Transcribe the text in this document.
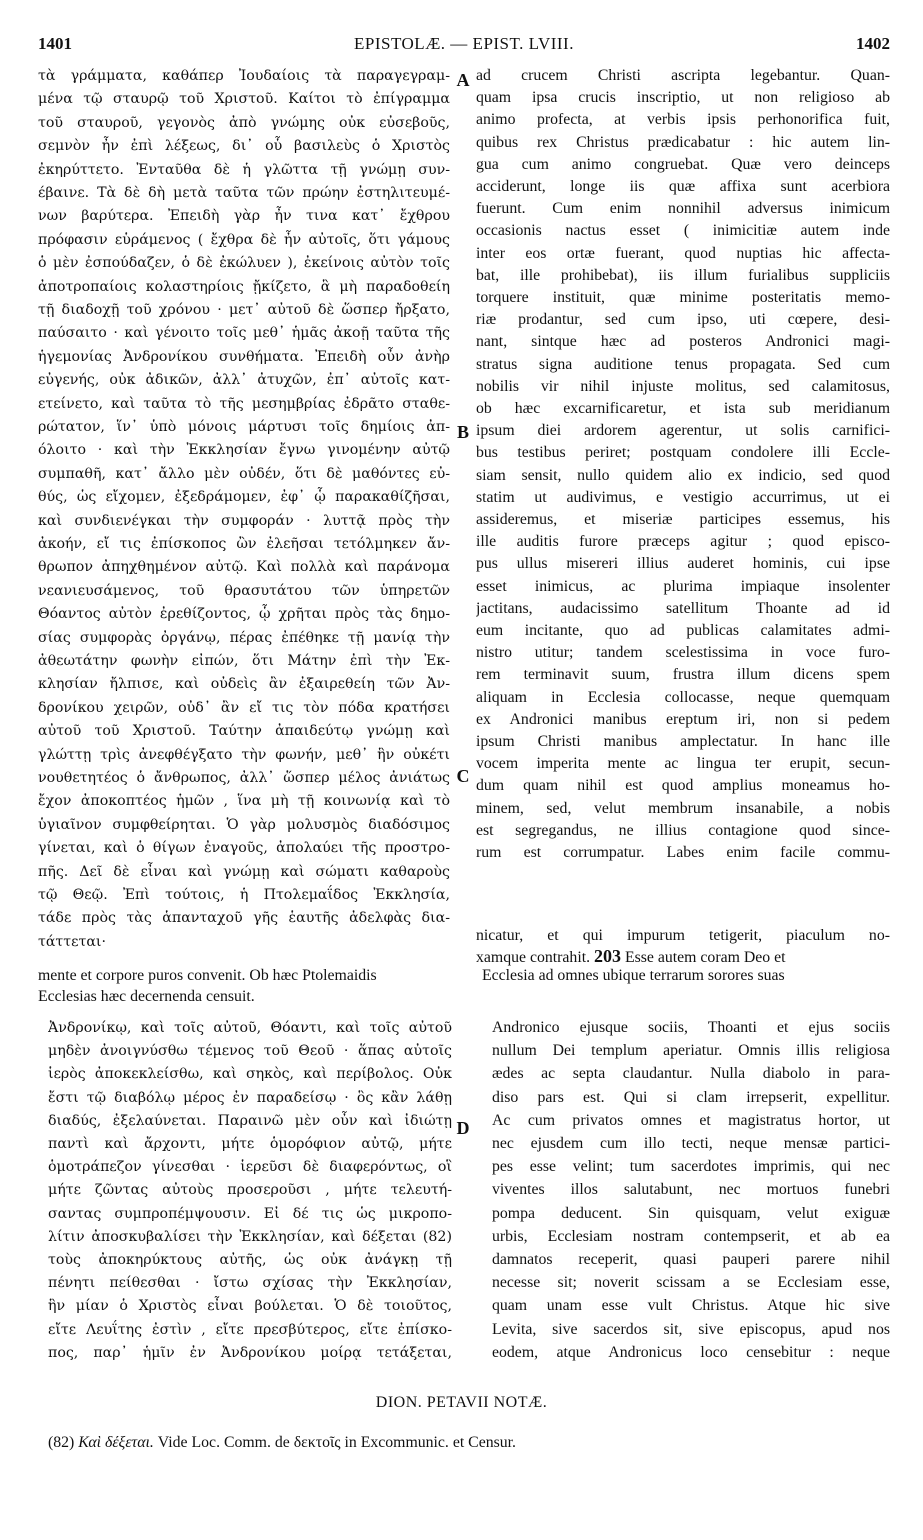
1401	EPISTOLÆ. — EPIST. LVIII.	1402
τὰ γράμματα, καθάπερ Ἰουδαίοις τὰ παραγεγραμ-
μένα τῷ σταυρῷ τοῦ Χριστοῦ. Καίτοι τὸ ἐπίγραμμα
τοῦ σταυροῦ, γεγονὸς ἀπὸ γνώμης οὐκ εὐσεβοῦς,
σεμνὸν ἦν ἐπὶ λέξεως, δι᾽ οὗ βασιλεὺς ὁ Χριστὸς
ἐκηρύττετο. Ἐνταῦθα δὲ ἡ γλῶττα τῇ γνώμῃ συν-
έβαινε. Τὰ δὲ δὴ μετὰ ταῦτα τῶν πρώην ἐστηλιτευμέ-
νων βαρύτερα. Ἐπειδὴ γὰρ ἦν τινα κατ᾽ ἔχθρου
πρόφασιν εὑράμενος ( ἔχθρα δὲ ἦν αὐτοῖς, ὅτι γάμους
ὁ μὲν ἐσπούδαζεν, ὁ δὲ ἐκώλυεν ), ἐκείνοις αὐτὸν τοῖς
ἀποτροπαίοις κολαστηρίοις ᾔκίζετο, ἃ μὴ παραδοθείη
τῇ διαδοχῇ τοῦ χρόνου · μετ᾽ αὐτοῦ δὲ ὥσπερ ἤρξατο,
παύσαιτο · καὶ γένοιτο τοῖς μεθ᾽ ἡμᾶς ἀκοῇ ταῦτα τῆς
ἡγεμονίας Ἀνδρονίκου συνθήματα. Ἐπειδὴ οὖν ἀνὴρ
εὐγενής, οὐκ ἀδικῶν, ἀλλ᾽ ἀτυχῶν, ἐπ᾽ αὐτοῖς κατ-
ετείνετο, καὶ ταῦτα τὸ τῆς μεσημβρίας ἐδρᾶτο σταθε-
ρώτατον, ἵν᾽ ὑπὸ μόνοις μάρτυσι τοῖς δημίοις ἀπ-
όλοιτο · καὶ τὴν Ἐκκλησίαν ἔγνω γινομένην αὐτῷ
συμπαθῆ, κατ᾽ ἄλλο μὲν οὐδέν, ὅτι δὲ μαθόντες εὐ-
θύς, ὡς εἴχομεν, ἐξεδράμομεν, ἐφ᾽ ᾧ παρακαθίζῆσαι,
καὶ συνδιενέγκαι τὴν συμφοράν · λυττᾷ πρὸς τὴν
ἀκοήν, εἴ τις ἐπίσκοπος ὢν ἐλεῆσαι τετόλμηκεν ἄν-
θρωπον ἀπηχθημένον αὐτῷ. Καὶ πολλὰ καὶ παράνομα
νεανιευσάμενος, τοῦ θρασυτάτου τῶν ὑπηρετῶν
Θόαντος αὐτὸν ἐρεθίζοντος, ᾧ χρῆται πρὸς τὰς δημο-
σίας συμφορὰς ὀργάνῳ, πέρας ἐπέθηκε τῇ μανίᾳ τὴν
ἀθεωτάτην φωνὴν εἰπών, ὅτι Μάτην ἐπὶ τὴν Ἐκ-
κλησίαν ἤλπισε, καὶ οὐδεὶς ἂν ἐξαιρεθείη τῶν Ἀν-
δρονίκου χειρῶν, οὐδ᾽ ἂν εἴ τις τὸν πόδα κρατήσει
αὐτοῦ τοῦ Χριστοῦ. Ταύτην ἀπαιδεύτῳ γνώμῃ καὶ
γλώττῃ τρὶς ἀνεφθέγξατο τὴν φωνήν, μεθ᾽ ἣν οὐκέτι
νουθετητέος ὁ ἄνθρωπος, ἀλλ᾽ ὥσπερ μέλος ἀνιάτως
ἔχον ἀποκοπτέος ἡμῶν , ἵνα μὴ τῇ κοινωνίᾳ καὶ τὸ
ὑγιαῖνον συμφθείρηται. Ὁ γὰρ μολυσμὸς διαδόσιμος
γίνεται, καὶ ὁ θίγων ἐναγοῦς, ἀπολαύει τῆς προστρο-
πῆς. Δεῖ δὲ εἶναι καὶ γνώμῃ καὶ σώματι καθαροὺς
τῷ Θεῷ. Ἐπὶ τούτοις, ἡ Πτολεμαΐδος Ἐκκλησία,
τάδε πρὸς τὰς ἁπανταχοῦ γῆς ἑαυτῆς ἀδελφὰς δια-
τάττεται·
ad crucem Christi ascripta legebantur. Quan-
quam ipsa crucis inscriptio, ut non religioso ab
animo profecta, at verbis ipsis perhonorifica fuit,
quibus rex Christus prædicabatur : hic autem lin-
gua cum animo congruebat. Quæ vero deinceps
acciderunt, longe iis quæ affixa sunt acerbiora
fuerunt. Cum enim nonnihil adversus inimicum
occasionis nactus esset ( inimicitiæ autem inde
inter eos ortæ fuerant, quod nuptias hic affecta-
bat, ille prohibebat), iis illum furialibus suppliciis
torquere instituit, quæ minime posteritatis memo-
riæ prodantur, sed cum ipso, uti cœpere, desi-
nant, sintque hæc ad posteros Andronici magi-
stratus signa auditione tenus propagata. Sed cum
nobilis vir nihil injuste molitus, sed calamitosus,
ob hæc excarnificaretur, et ista sub meridianum
ipsum diei ardorem agerentur, ut solis carnifici-
bus testibus periret; postquam condolere illi Eccle-
siam sensit, nullo quidem alio ex indicio, sed quod
statim ut audivimus, e vestigio accurrimus, ut ei
assideremus, et miseriæ participes essemus, his
ille auditis furore præceps agitur ; quod episco-
pus ullus misereri illius auderet hominis, cui ipse
esset inimicus, ac plurima impiaque insolenter
jactitans, audacissimo satellitum Thoante ad id
eum incitante, quo ad publicas calamitates admi-
nistro utitur; tandem scelestissima in voce furo-
rem terminavit suum, frustra illum dicens spem
aliquam in Ecclesia collocasse, neque quemquam
ex Andronici manibus ereptum iri, non si pedem
ipsum Christi manibus amplectatur. In hanc ille
vocem imperita mente ac lingua ter erupit, secun-
dum quam nihil est quod amplius moneamus ho-
minem, sed, velut membrum insanabile, a nobis
est segregandus, ne illius contagione quod since-
rum est corrumpatur. Labes enim facile commu-
nicatur, et qui impurum tetigerit, piaculum no-
xamque contrahit. 203 Esse autem coram Deo et
mente et corpore puros convenit. Ob hæc Ptolemaidis	Ecclesia ad omnes ubique terrarum sorores suas
Ecclesias hæc decernenda censuit.
Ἀνδρονίκῳ, καὶ τοῖς αὐτοῦ, Θόαντι, καὶ τοῖς αὐτοῦ
μηδὲν ἀνοιγνύσθω τέμενος τοῦ Θεοῦ · ἅπας αὐτοῖς
ἱερὸς ἀποκεκλείσθω, καὶ σηκὸς, καὶ περίβολος. Οὐκ
ἔστι τῷ διαβόλῳ μέρος ἐν παραδείσῳ · ὃς κἂν λάθῃ
διαδύς, ἐξελαύνεται. Παραινῶ μὲν οὖν καὶ ἰδιώτῃ
παντὶ καὶ ἄρχοντι, μήτε ὁμορόφιον αὐτῷ, μήτε
ὁμοτράπεζον γίνεσθαι · ἱερεῦσι δὲ διαφερόντως, οἳ
μήτε ζῶντας αὐτοὺς προσεροῦσι , μήτε τελευτή-
σαντας συμπροπέμψουσιν. Εἰ δέ τις ὡς μικροπο-
λίτιν ἀποσκυβαλίσει τὴν Ἐκκλησίαν, καὶ δέξεται (82)
τοὺς ἀποκηρύκτους αὐτῆς, ὡς οὐκ ἀνάγκῃ τῇ
πένητι πείθεσθαι · ἴστω σχίσας τὴν Ἐκκλησίαν,
ἣν μίαν ὁ Χριστὸς εἶναι βούλεται. Ὁ δὲ τοιοῦτος,
εἴτε Λευΐτης ἐστὶν , εἴτε πρεσβύτερος, εἴτε ἐπίσκο-
πος, παρ᾽ ἡμῖν ἐν Ἀνδρονίκου μοίρᾳ τετάξεται,
Andronico ejusque sociis, Thoanti et ejus sociis
nullum Dei templum aperiatur. Omnis illis religiosa
ædes ac septa claudantur. Nulla diabolo in para-
diso pars est. Qui si clam irrepserit, expellitur.
Ac cum privatos omnes et magistratus hortor, ut
nec ejusdem cum illo tecti, neque mensæ partici-
pes esse velint; tum sacerdotes imprimis, qui nec
viventes illos salutabunt, nec mortuos funebri
pompa deducent. Sin quisquam, velut exiguæ
urbis, Ecclesiam nostram contempserit, et ab ea
damnatos receperit, quasi pauperi parere nihil
necesse sit; noverit scissam a se Ecclesiam esse,
quam unam esse vult Christus. Atque hic sive
Levita, sive sacerdos sit, sive episcopus, apud nos
eodem, atque Andronicus loco censebitur : neque
A
B
C
D
DION. PETAVII NOTÆ.
(82) Καὶ δέξεται. Vide Loc. Comm. de δεκτοῖς in Excommunic. et Censur.
